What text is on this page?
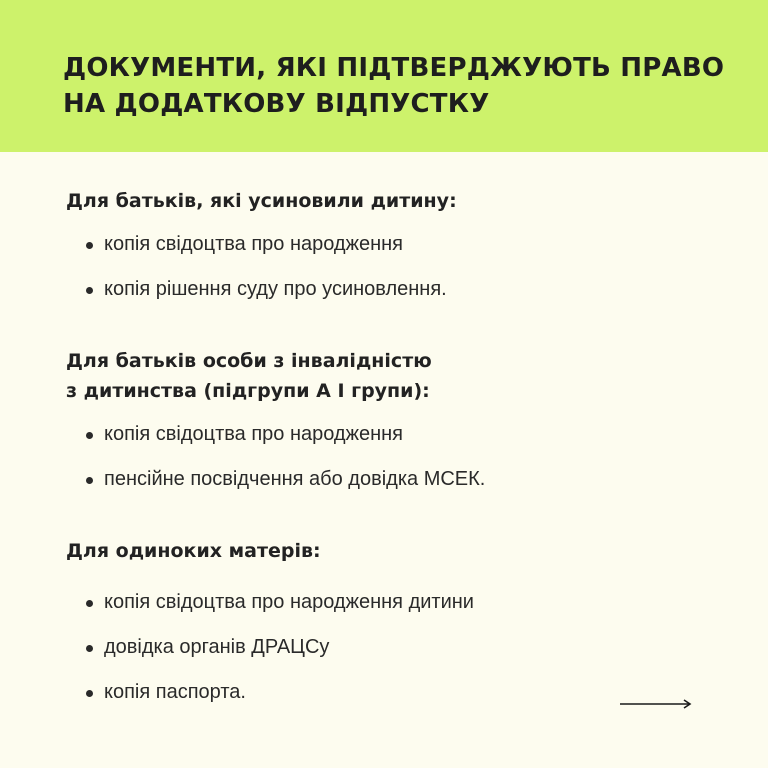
ДОКУМЕНТИ, ЯКІ ПІДТВЕРДЖУЮТЬ ПРАВО
НА ДОДАТКОВУ ВІДПУСТКУ
Для батьків, які усиновили дитину:
копія свідоцтва про народження
копія рішення суду про усиновлення.
Для батьків особи з інвалідністю
з дитинства (підгрупи А І групи):
копія свідоцтва про народження
пенсійне посвідчення або довідка МСЕК.
Для одиноких матерів:
копія свідоцтва про народження дитини
довідка органів ДРАЦСу
копія паспорта.
